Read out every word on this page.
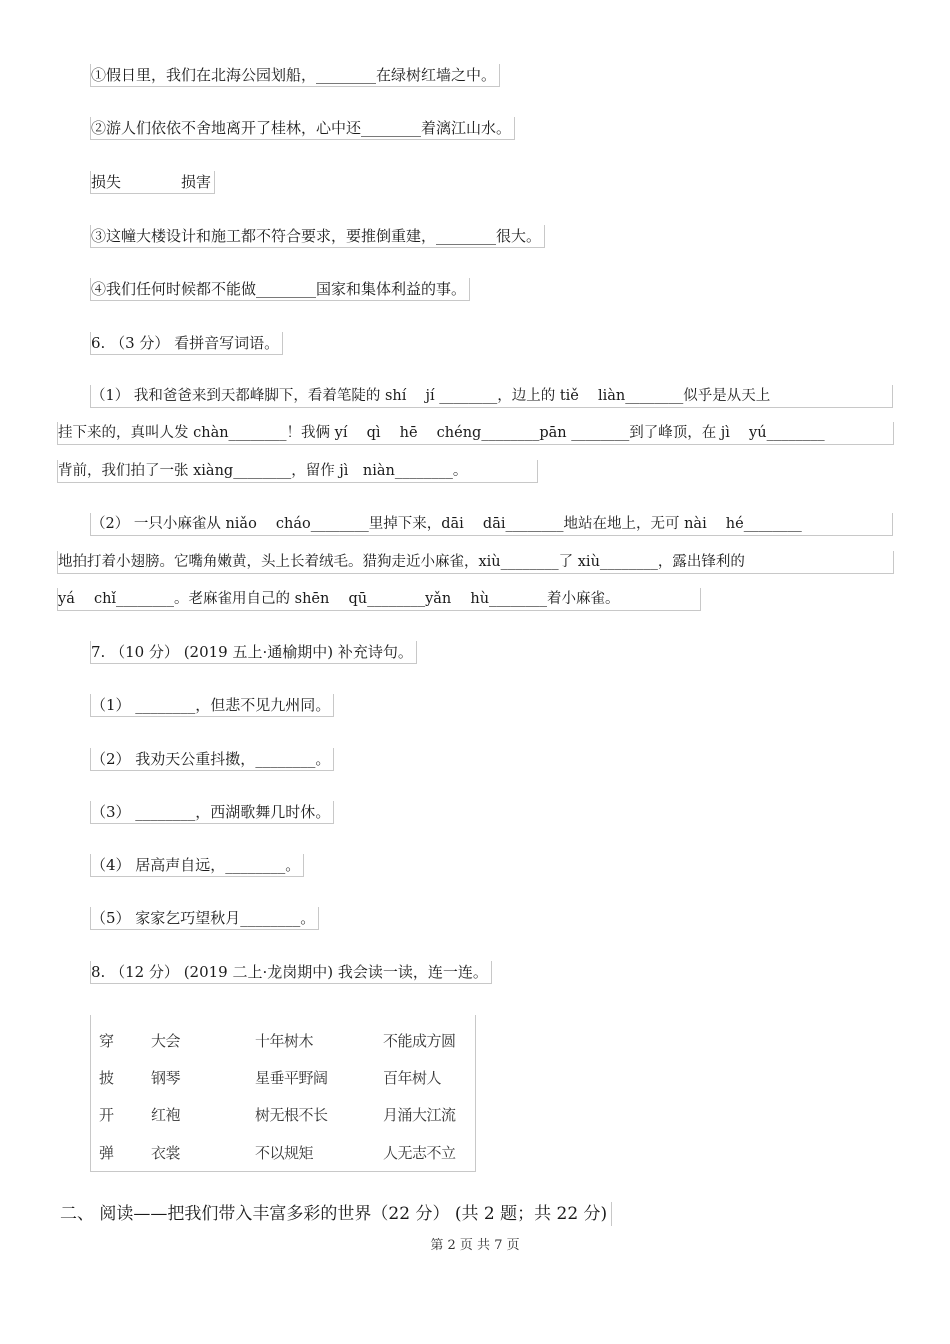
①假日里，我们在北海公园划船，________在绿树红墙之中。
②游人们依依不舍地离开了桂林，心中还________着漓江山水。
损失　　　　损害
③这幢大楼设计和施工都不符合要求，要推倒重建，________很大。
④我们任何时候都不能做________国家和集体利益的事。
6. （3 分） 看拼音写词语。
（1） 我和爸爸来到天都峰脚下，看着笔陡的 shí　 jí ________，边上的 tiě　 liàn________似乎是从天上
挂下来的，真叫人发 chàn________！我俩 yí　 qì　 hē　 chéng________pān ________到了峰顶，在 jì　 yú________
背前，我们拍了一张 xiàng________，留作 jì　niàn________。
（2） 一只小麻雀从 niǎo　 cháo________里掉下来，dāi　 dāi________地站在地上，无可 nài　 hé________
地拍打着小翅膀。它嘴角嫩黄，头上长着绒毛。猎狗走近小麻雀，xiù________了 xiù________，露出锋利的
yá　 chǐ________。老麻雀用自己的 shēn　 qū________yǎn　 hù________着小麻雀。
7. （10 分） (2019 五上·通榆期中) 补充诗句。
（1） ________，但悲不见九州同。
（2） 我劝天公重抖擞，________。
（3） ________，西湖歌舞几时休。
（4） 居高声自远，________。
（5） 家家乞巧望秋月________。
8. （12 分） (2019 二上·龙岗期中) 我会读一读，连一连。
穿
披
开
弹
大会
钢琴
红袍
衣裳
十年树木
星垂平野阔
树无根不长
不以规矩
不能成方圆
百年树人
月涌大江流
人无志不立
二、 阅读——把我们带入丰富多彩的世界（22 分） (共 2 题；共 22 分)
第 2 页 共 7 页
